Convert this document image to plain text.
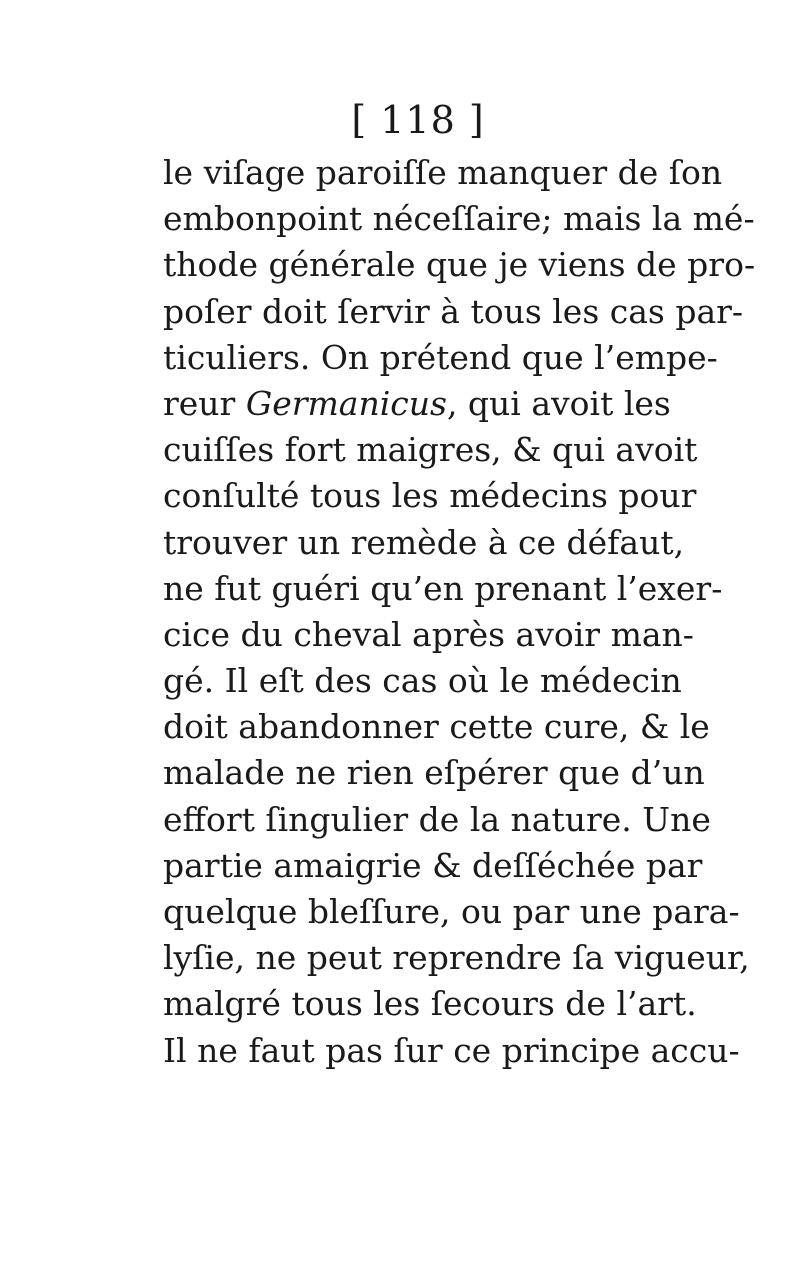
[ 118 ]
le viſage paroiſſe manquer de ſon
embonpoint néceſſaire; mais la mé-
thode générale que je viens de pro-
poſer doit ſervir à tous les cas par-
ticuliers. On prétend que l’empe-
reur Germanicus, qui avoit les
cuiſſes fort maigres, & qui avoit
conſulté tous les médecins pour
trouver un remède à ce défaut,
ne fut guéri qu’en prenant l’exer-
cice du cheval après avoir man-
gé. Il eſt des cas où le médecin
doit abandonner cette cure, & le
malade ne rien eſpérer que d’un
effort ſingulier de la nature. Une
partie amaigrie & deſſéchée par
quelque bleſſure, ou par une para-
lyſie, ne peut reprendre ſa vigueur,
malgré tous les ſecours de l’art.
Il ne faut pas ſur ce principe accu-
